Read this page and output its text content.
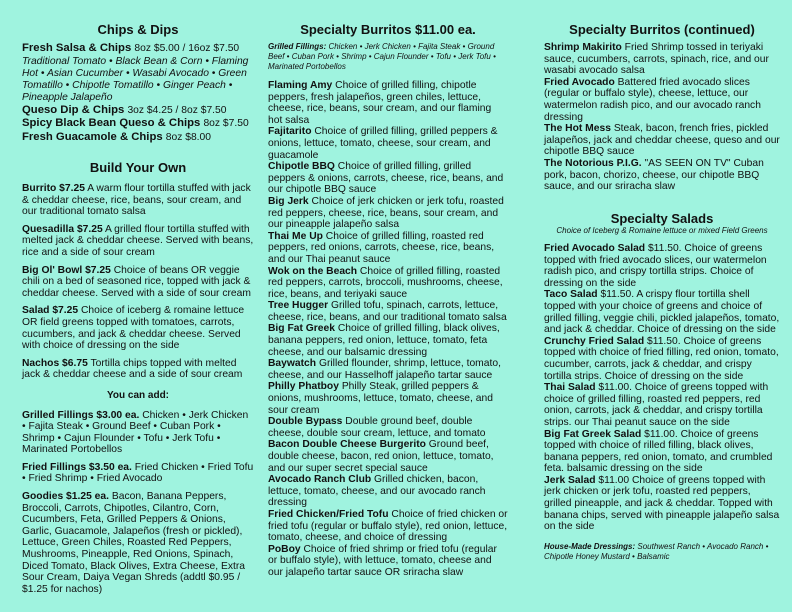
Chips & Dips
Fresh Salsa & Chips 8oz $5.00 / 16oz $7.50
Traditional Tomato • Black Bean & Corn • Flaming Hot • Asian Cucumber • Wasabi Avocado • Green Tomatillo • Chipotle Tomatillo • Ginger Peach • Pineapple Jalapeño
Queso Dip & Chips 3oz $4.25 / 8oz $7.50
Spicy Black Bean Queso & Chips 8oz $7.50
Fresh Guacamole & Chips 8oz $8.00
Build Your Own
Burrito $7.25 A warm flour tortilla stuffed with jack & cheddar cheese, rice, beans, sour cream, and our traditional tomato salsa
Quesadilla $7.25 A grilled flour tortilla stuffed with melted jack & cheddar cheese. Served with beans, rice and a side of sour cream
Big Ol' Bowl $7.25 Choice of beans OR veggie chili on a bed of seasoned rice, topped with jack & cheddar cheese. Served with a side of sour cream
Salad $7.25 Choice of iceberg & romaine lettuce OR field greens topped with tomatoes, carrots, cucumbers, and jack & cheddar cheese. Served with choice of dressing on the side
Nachos $6.75 Tortilla chips topped with melted jack & cheddar cheese and a side of sour cream
You can add:
Grilled Fillings $3.00 ea. Chicken • Jerk Chicken • Fajita Steak • Ground Beef • Cuban Pork • Shrimp • Cajun Flounder • Tofu • Jerk Tofu • Marinated Portobellos
Fried Fillings $3.50 ea. Fried Chicken • Fried Tofu • Fried Shrimp • Fried Avocado
Goodies $1.25 ea. Bacon, Banana Peppers, Broccoli, Carrots, Chipotles, Cilantro, Corn, Cucumbers, Feta, Grilled Peppers & Onions, Garlic, Guacamole, Jalapeños (fresh or pickled), Lettuce, Green Chiles, Roasted Red Peppers, Mushrooms, Pineapple, Red Onions, Spinach, Diced Tomato, Black Olives, Extra Cheese, Extra Sour Cream, Daiya Vegan Shreds (addtl $0.95 / $1.25 for nachos)
Specialty Burritos $11.00 ea.
Grilled Fillings: Chicken • Jerk Chicken • Fajita Steak • Ground Beef • Cuban Pork • Shrimp • Cajun Flounder • Tofu • Jerk Tofu • Marinated Portobellos
Flaming Amy Choice of grilled filling, chipotle peppers, fresh jalapeños, green chiles, lettuce, cheese, rice, beans, sour cream, and our flaming hot salsa
Fajitarito Choice of grilled filling, grilled peppers & onions, lettuce, tomato, cheese, sour cream, and guacamole
Chipotle BBQ Choice of grilled filling, grilled peppers & onions, carrots, cheese, rice, beans, and our chipotle BBQ sauce
Big Jerk Choice of jerk chicken or jerk tofu, roasted red peppers, cheese, rice, beans, sour cream, and our pineapple jalapeño salsa
Thai Me Up Choice of grilled filling, roasted red peppers, red onions, carrots, cheese, rice, beans, and our Thai peanut sauce
Wok on the Beach Choice of grilled filling, roasted red peppers, carrots, broccoli, mushrooms, cheese, rice, beans, and teriyaki sauce
Tree Hugger Grilled tofu, spinach, carrots, lettuce, cheese, rice, beans, and our traditional tomato salsa
Big Fat Greek Choice of grilled filling, black olives, banana peppers, red onion, lettuce, tomato, feta cheese, and our balsamic dressing
Baywatch Grilled flounder, shrimp, lettuce, tomato, cheese, and our Hasselhoff jalapeño tartar sauce
Philly Phatboy Philly Steak, grilled peppers & onions, mushrooms, lettuce, tomato, cheese, and sour cream
Double Bypass Double ground beef, double cheese, double sour cream, lettuce, and tomato
Bacon Double Cheese Burgerito Ground beef, double cheese, bacon, red onion, lettuce, tomato, and our super secret special sauce
Avocado Ranch Club Grilled chicken, bacon, lettuce, tomato, cheese, and our avocado ranch dressing
Fried Chicken/Fried Tofu Choice of fried chicken or fried tofu (regular or buffalo style), red onion, lettuce, tomato, cheese, and choice of dressing
PoBoy Choice of fried shrimp or fried tofu (regular or buffalo style), with lettuce, tomato, cheese and our jalapeño tartar sauce OR sriracha slaw
Specialty Burritos (continued)
Shrimp Makirito Fried Shrimp tossed in teriyaki sauce, cucumbers, carrots, spinach, rice, and our wasabi avocado salsa
Fried Avocado Battered fried avocado slices (regular or buffalo style), cheese, lettuce, our watermelon radish pico, and our avocado ranch dressing
The Hot Mess Steak, bacon, french fries, pickled jalapeños, jack and cheddar cheese, queso and our chipotle BBQ sauce
The Notorious P.I.G. "AS SEEN ON TV" Cuban pork, bacon, chorizo, cheese, our chipotle BBQ sauce, and our sriracha slaw
Specialty Salads
Choice of Iceberg & Romaine lettuce or mixed Field Greens
Fried Avocado Salad $11.50. Choice of greens topped with fried avocado slices, our watermelon radish pico, and crispy tortilla strips. Choice of dressing on the side
Taco Salad $11.50. A crispy flour tortilla shell topped with your choice of greens and choice of grilled filling, veggie chili, pickled jalapeños, tomato, and jack & cheddar. Choice of dressing on the side
Crunchy Fried Salad $11.50. Choice of greens topped with choice of fried filling, red onion, tomato, cucumber, carrots, jack & cheddar, and crispy tortilla strips. Choice of dressing on the side
Thai Salad $11.00. Choice of greens topped with choice of grilled filling, roasted red peppers, red onion, carrots, jack & cheddar, and crispy tortilla strips. our Thai peanut sauce on the side
Big Fat Greek Salad $11.00. Choice of greens topped with choice of rilled filling, black olives, banana peppers, red onion, tomato, and crumbled feta. balsamic dressing on the side
Jerk Salad $11.00 Choice of greens topped with jerk chicken or jerk tofu, roasted red peppers, grilled pineapple, and jack & cheddar. Topped with banana chips, served with pineapple jalapeño salsa on the side
House-Made Dressings: Southwest Ranch • Avocado Ranch • Chipotle Honey Mustard • Balsamic
